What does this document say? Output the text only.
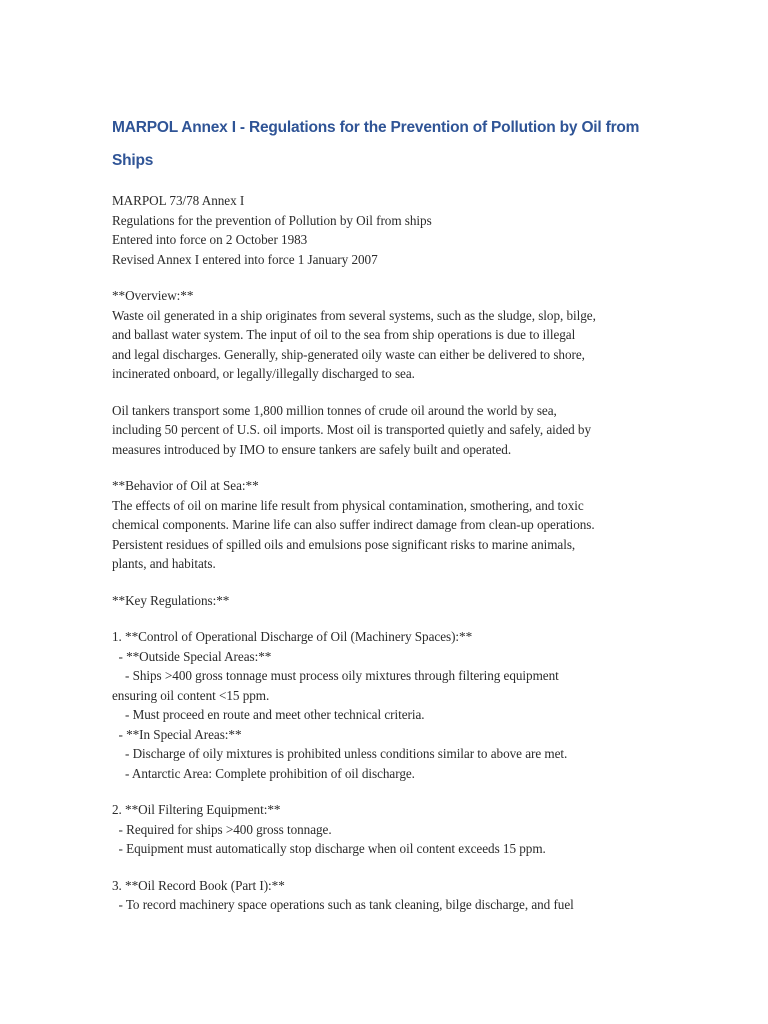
MARPOL Annex I - Regulations for the Prevention of Pollution by Oil from
Ships
MARPOL 73/78 Annex I
Regulations for the prevention of Pollution by Oil from ships
Entered into force on 2 October 1983
Revised Annex I entered into force 1 January 2007
**Overview:**
Waste oil generated in a ship originates from several systems, such as the sludge, slop, bilge,
and ballast water system. The input of oil to the sea from ship operations is due to illegal
and legal discharges. Generally, ship-generated oily waste can either be delivered to shore,
incinerated onboard, or legally/illegally discharged to sea.
Oil tankers transport some 1,800 million tonnes of crude oil around the world by sea,
including 50 percent of U.S. oil imports. Most oil is transported quietly and safely, aided by
measures introduced by IMO to ensure tankers are safely built and operated.
**Behavior of Oil at Sea:**
The effects of oil on marine life result from physical contamination, smothering, and toxic
chemical components. Marine life can also suffer indirect damage from clean-up operations.
Persistent residues of spilled oils and emulsions pose significant risks to marine animals,
plants, and habitats.
**Key Regulations:**
1. **Control of Operational Discharge of Oil (Machinery Spaces):**
- **Outside Special Areas:**
- Ships >400 gross tonnage must process oily mixtures through filtering equipment
ensuring oil content <15 ppm.
- Must proceed en route and meet other technical criteria.
- **In Special Areas:**
- Discharge of oily mixtures is prohibited unless conditions similar to above are met.
- Antarctic Area: Complete prohibition of oil discharge.
2. **Oil Filtering Equipment:**
- Required for ships >400 gross tonnage.
- Equipment must automatically stop discharge when oil content exceeds 15 ppm.
3. **Oil Record Book (Part I):**
- To record machinery space operations such as tank cleaning, bilge discharge, and fuel
